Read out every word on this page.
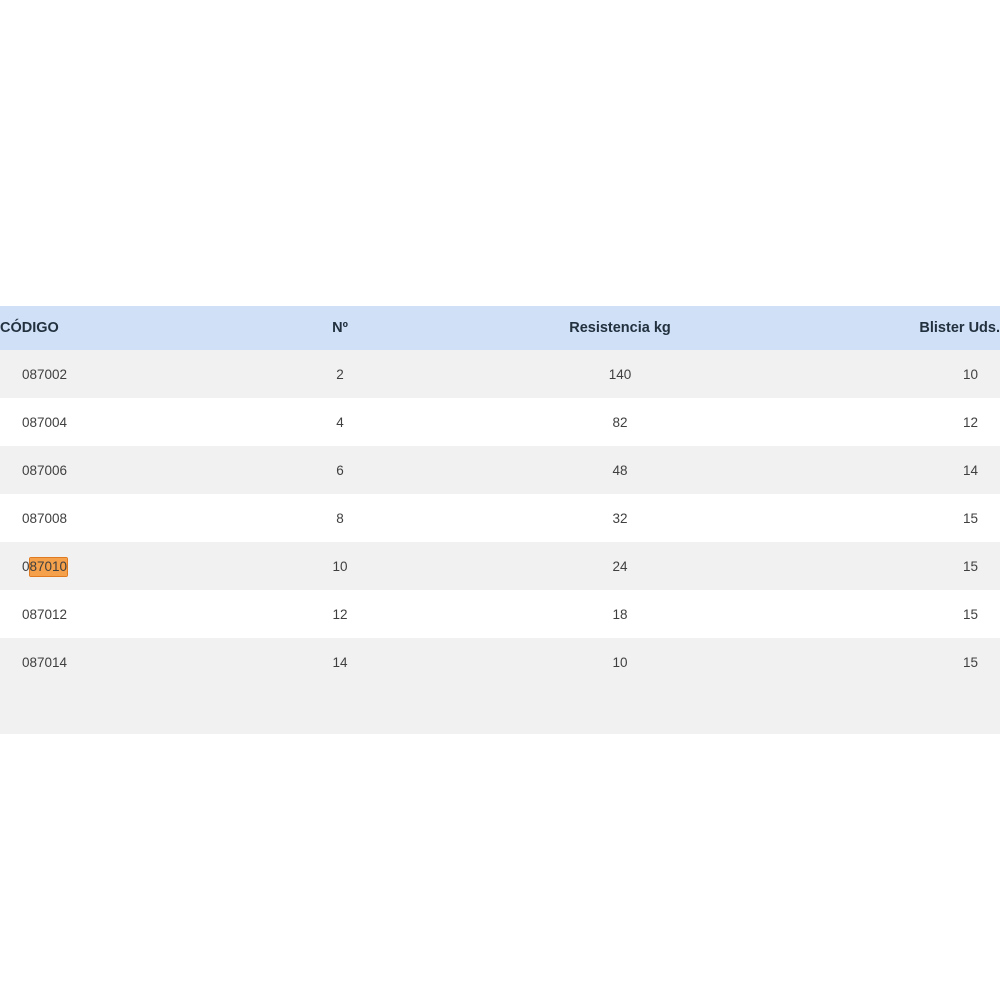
CÓDIGO	Nº	Resistencia kg	Blister Uds.
087002	2	140	10
087004	4	82	12
087006	6	48	14
087008	8	32	15
087010	10	24	15
087012	12	18	15
087014	14	10	15
